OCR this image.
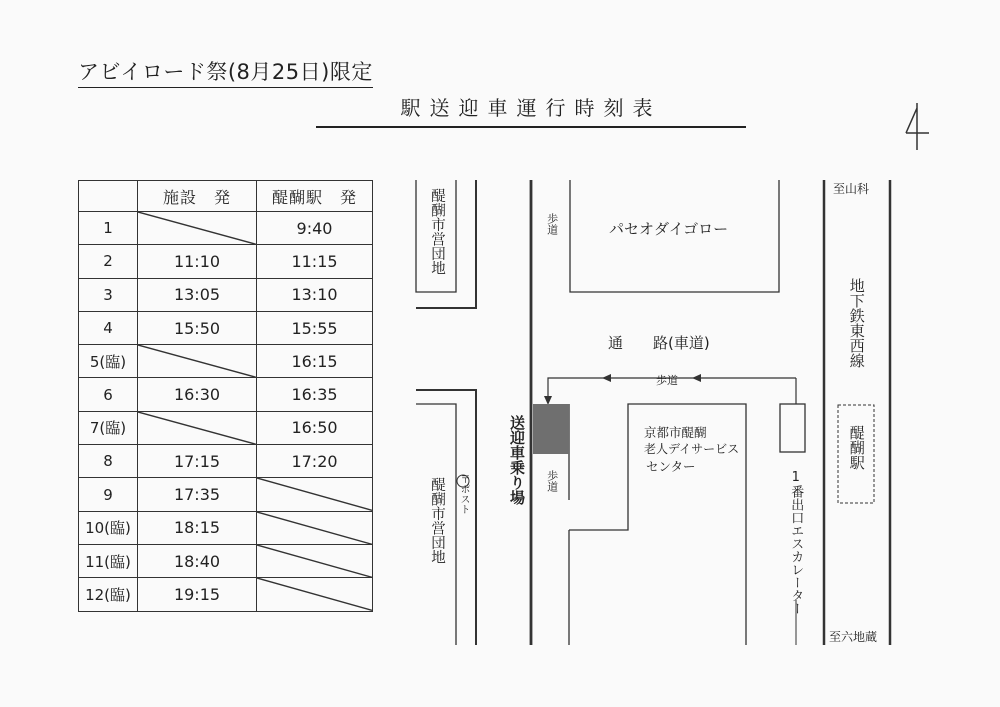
アビイロード祭(8月25日)限定
駅送迎車運行時刻表
	施設　発	醍醐駅　発
1		9:40
2	11:10	11:15
3	13:05	13:10
4	15:50	15:55
5(臨)		16:15
6	16:30	16:35
7(臨)		16:50
8	17:15	17:20
9	17:35	

10(臨)	18:15	

11(臨)	18:40	

12(臨)	19:15	
醍醐市営団地
醍醐市営団地 〒ポスト
歩道
歩道
パセオダイゴロー
通　　路(車道)
歩道
送迎車乗り場	京都市醍醐
老人デイサービス
センター
1番出口エスカレーター
至山科
至六地蔵
地下鉄東西線
醍醐駅
